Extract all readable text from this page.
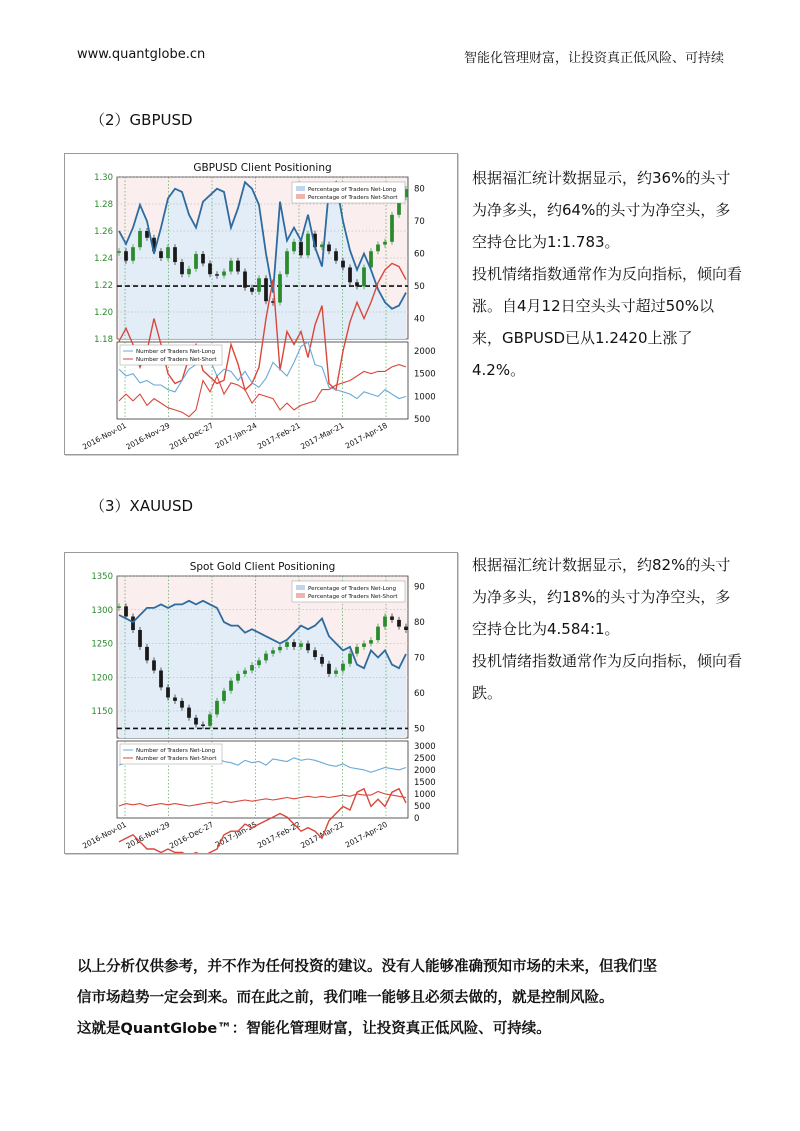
www.quantglobe.cn	智能化管理财富，让投资真正低风险、可持续
（2）GBPUSD
GBPUSD Client Positioning
2016-Nov-01
2016-Nov-29
2016-Dec-27
2017-Jan-24
2017-Feb-21
2017-Mar-21
2017-Apr-18
1.18
1.20
1.22
1.24
1.26
1.28
1.30
40
50
60
70
80
500
1000
1500
2000
Percentage of Traders Net-Long
Percentage of Traders Net-Short
Number of Traders Net-Long
Number of Traders Net-Short

根据福汇统计数据显示，约36%的头寸为净多头，约64%的头寸为净空头，多空持仓比为1:1.783。

投机情绪指数通常作为反向指标，倾向看涨。自4月12日空头头寸超过50%以来，GBPUSD已从1.2420上涨了4.2%。

（3）XAUUSD
Spot Gold Client Positioning
2016-Nov-01
2016-Nov-29
2016-Dec-27
2017-Jan-25
2017-Feb-22
2017-Mar-22
2017-Apr-20
1150
1200
1250
1300
1350
50
60
70
80
90
0
500
1000
1500
2000
2500
3000
Percentage of Traders Net-Long
Percentage of Traders Net-Short
Number of Traders Net-Long
Number of Traders Net-Short

根据福汇统计数据显示，约82%的头寸为净多头，约18%的头寸为净空头，多空持仓比为4.584:1。

投机情绪指数通常作为反向指标，倾向看跌。

以上分析仅供参考，并不作为任何投资的建议。没有人能够准确预知市场的未来，但我们坚

信市场趋势一定会到来。而在此之前，我们唯一能够且必须去做的，就是控制风险。

这就是QuantGlobe™：智能化管理财富，让投资真正低风险、可持续。
